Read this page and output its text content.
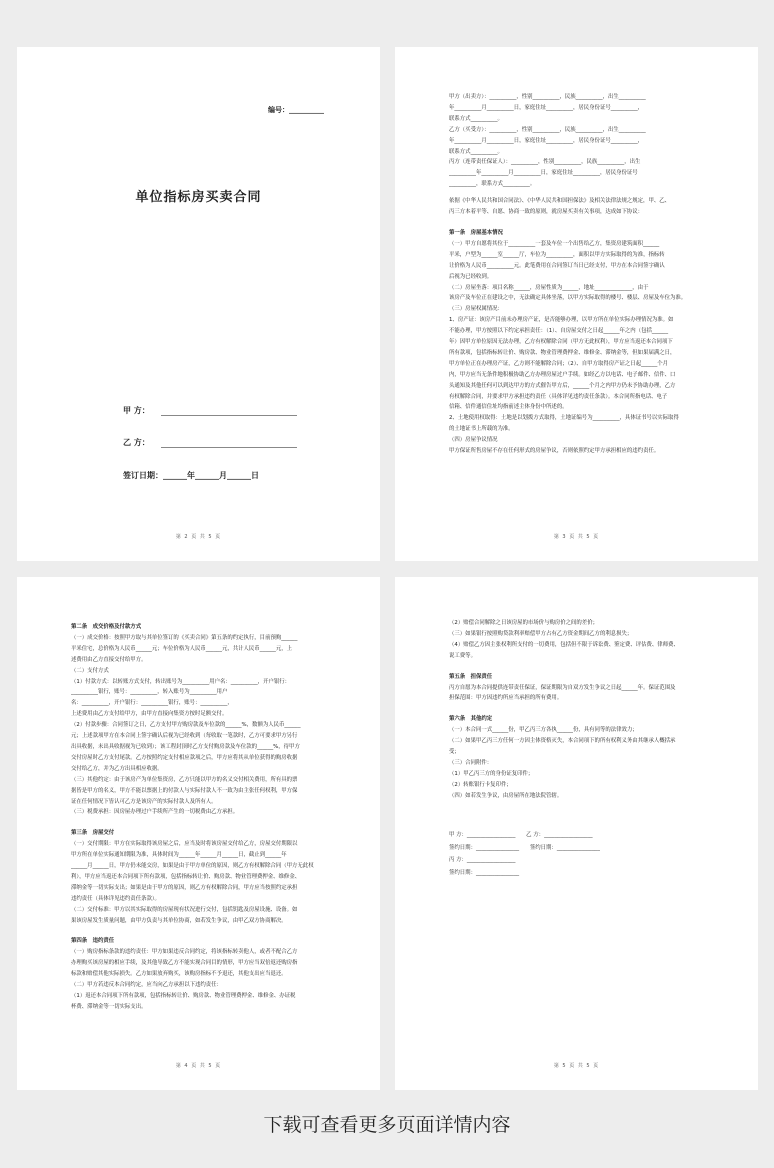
编号：__________
单位指标房买卖合同
甲 方：
乙 方：
签订日期：______年______月______日
第 2 页 共 5 页

甲方（出卖方）：__________，性别__________，民族__________，出生__________

年__________月__________日，家庭住址__________，居民身份证号__________，

联系方式__________。

乙方（买受方）：__________，性别__________，民族__________，出生__________

年__________月__________日，家庭住址__________，居民身份证号__________，

联系方式__________。

丙方（连带责任保证人）：__________，性别__________，民族__________，出生

__________年__________月__________日，家庭住址__________，居民身份证号

__________，联系方式__________。

依据《中华人民共和国合同法》、《中华人民共和国担保法》及相关法律法规之规定，甲、乙、

丙三方本着平等、自愿、协商一致的原则，就房屋买卖有关事项，达成如下协议：

第一条　房屋基本情况

（一）甲方自愿将其位于__________一套及车位一个出售给乙方，集资房建筑面积______

平米，户型为______室______厅，车位为__________，面积以甲方实际取得的为准，指标转

让价格为人民币__________元。此笔费用在合同签订当日已经支付，甲方在本合同签字确认

后视为已经收到。

（二）房屋坐落：项目名称______，房屋性质为______，地址______________，由于

该房产及车位正在建设之中，无法确定具体坐落，以甲方实际取得的楼号、楼层、房屋及车位为准。

（三）房屋权属情况：

1、房产证：该房产目前未办理房产证，是否能够办理，以甲方所在单位实际办理情况为准。如

不能办理，甲方按照以下约定承担责任：（1）、自房屋交付之日起______年之内（包括______

年）因甲方单位原因无法办理，乙方有权解除合同（甲方无此权利），甲方应当返还本合同项下

所有款项，包括指标转让价、购房款、物业管理费押金、维修金、滞纳金等，但如果届满之日，

甲方单位正在办理房产证，乙方则不能解除合同；（2）、自甲方取得房产证之日起______个月

内，甲方应当无条件地积极协助乙方办理房屋过户手续。如经乙方以电话、电子邮件、信件、口

头通知及其他任何可以到达甲方的方式催告甲方后，______个月之内甲方仍未予协助办理，乙方

有权解除合同，并要求甲方承担违约责任（具体详见违约责任条款）。本合同所指电话、电子

信箱、信件通信住址均指前述主体身份中所述的。

2、土地使用权取得：土地是以划拨方式取得，土地证编号为__________，具体证书号以实际取得

的土地证书上所载的为准。

（四）房屋争议情况

甲方保证所售房屋不存在任何形式的房屋争议，否则依照约定甲方承担相应的违约责任。

第 3 页 共 5 页

第二条　成交价格及付款方式

（一）成交价格：按照甲方取与其单位签订的《买卖合同》第五条的约定执行，目前预购______

平米住宅，总价格为人民币______元；车位价格为人民币______元，共计人民币______元，上

述费用由乙方直接交付给甲方。

（二）支付方式

（1）付款方式：以转账方式支付，转出账号为__________用户名：__________，开户银行：

__________银行，账号：__________，转入账号为__________用户

名：__________，开户银行：__________银行，账号：__________，

上述费用由乙方支付给甲方，由甲方直接向集资方按时足额交付。

（2）付款步骤：合同签订之日，乙方支付甲方购房款及车位款的______%，数额为人民币______

元；上述款项甲方在本合同上签字确认后视为已经收到（每收取一笔款时，乙方可要求甲方另行

出具收据，未出具收据视为已收到）；该工程封顶时乙方支付购房款及车位款的______%，待甲方

交付房屋时乙方支付尾款。乙方按照约定支付相应款项之后，甲方应将其从单位获得的购房收据

交付给乙方，并为乙方出具相应收据。

（三）其他约定：由于该房产为单位集资房，乙方只能以甲方的名义交付相关费用，所有具的票

据皆是甲方的名义，甲方不能以票据上的付款人与实际付款人不一致为由主张任何权利，甲方保

证在任何情况下皆认可乙方是该房产的实际付款人及所有人。

（三）税费承担：因房屋办理过户手续所产生的一切税费由乙方承担。

第三条　房屋交付

（一）交付期限：甲方在实际取得该房屋之后，应当及时将该房屋交付给乙方，房屋交付期限以

甲方所在单位实际通知期限为准，具体时间为______年______月______日，截止到______年

______月______日，甲方仍未能交房，如果是由于甲方单位的原因，则乙方有权解除合同（甲方无此权

利），甲方应当返还本合同项下所有款项，包括指标转让价、购房款、物业管理费押金、维修金、

滞纳金等一切实际支出；如果是由于甲方的原因，则乙方有权解除合同，甲方应当按照约定承担

违约责任（具体详见违约责任条款）。

（二）交付标准：甲方以其实际取得的房屋现有状况进行交付，包括钥匙及房屋设施、设备。如

果该房屋发生质量问题，由甲方负责与其单位协商，如若发生争议，由甲乙双方协商解决。

第四条　违约责任

（一）购房指标条款的违约责任：甲方如果违反合同约定，将该指标转卖他人，或者不配合乙方

办理购买该房屋的相应手续，及其他导致乙方不能实现合同目的情形，甲方应当双倍返还购房指

标款和赔偿其他实际损失。乙方如果放弃购买，该购房指标不予退还，其他支出应当退还。

（二）甲方若违反本合同约定，应当向乙方承担以下违约责任：

（1）返还本合同项下所有款项，包括指标转让价、购房款、物业管理费押金、维修金、办证税

杯费、滞纳金等一切实际支出。

第 4 页 共 5 页

（2）赔偿合同解除之日该房屋的市场价与购房价之间的差价；

（三）如果银行按照购贷款利率赔偿甲方占有乙方资金期间乙方的利息损失；

（4）赔偿乙方因主张权利所支付的一切费用，包括但不限于诉讼费、鉴定费、评估费、律师费、

说工费等。

第五条　担保责任

丙方自愿为本合同提供连带责任保证，保证期限为自双方发生争议之日起______年。保证范围及

担保范围：甲方因违约所应当承担的所有费用。

第六条　其他约定

（一）本合同一式______份，甲乙丙三方各执______份，具有同等的法律效力；

（二）如果甲乙丙三方任何一方因主体资格灭失，本合同项下的所有权利义务由其继承人概括承

受；

（三）合同附件：

（1）甲乙丙三方的身份证复印件；

（2）转账银行卡复印件；

（四）如若发生争议，由房屋所在地法院管辖。

甲 方：__________________　　乙 方：__________________

签约日期：________________　　签约日期：________________

丙 方：__________________

签约日期：________________

第 5 页 共 5 页
下载可查看更多页面详情内容
